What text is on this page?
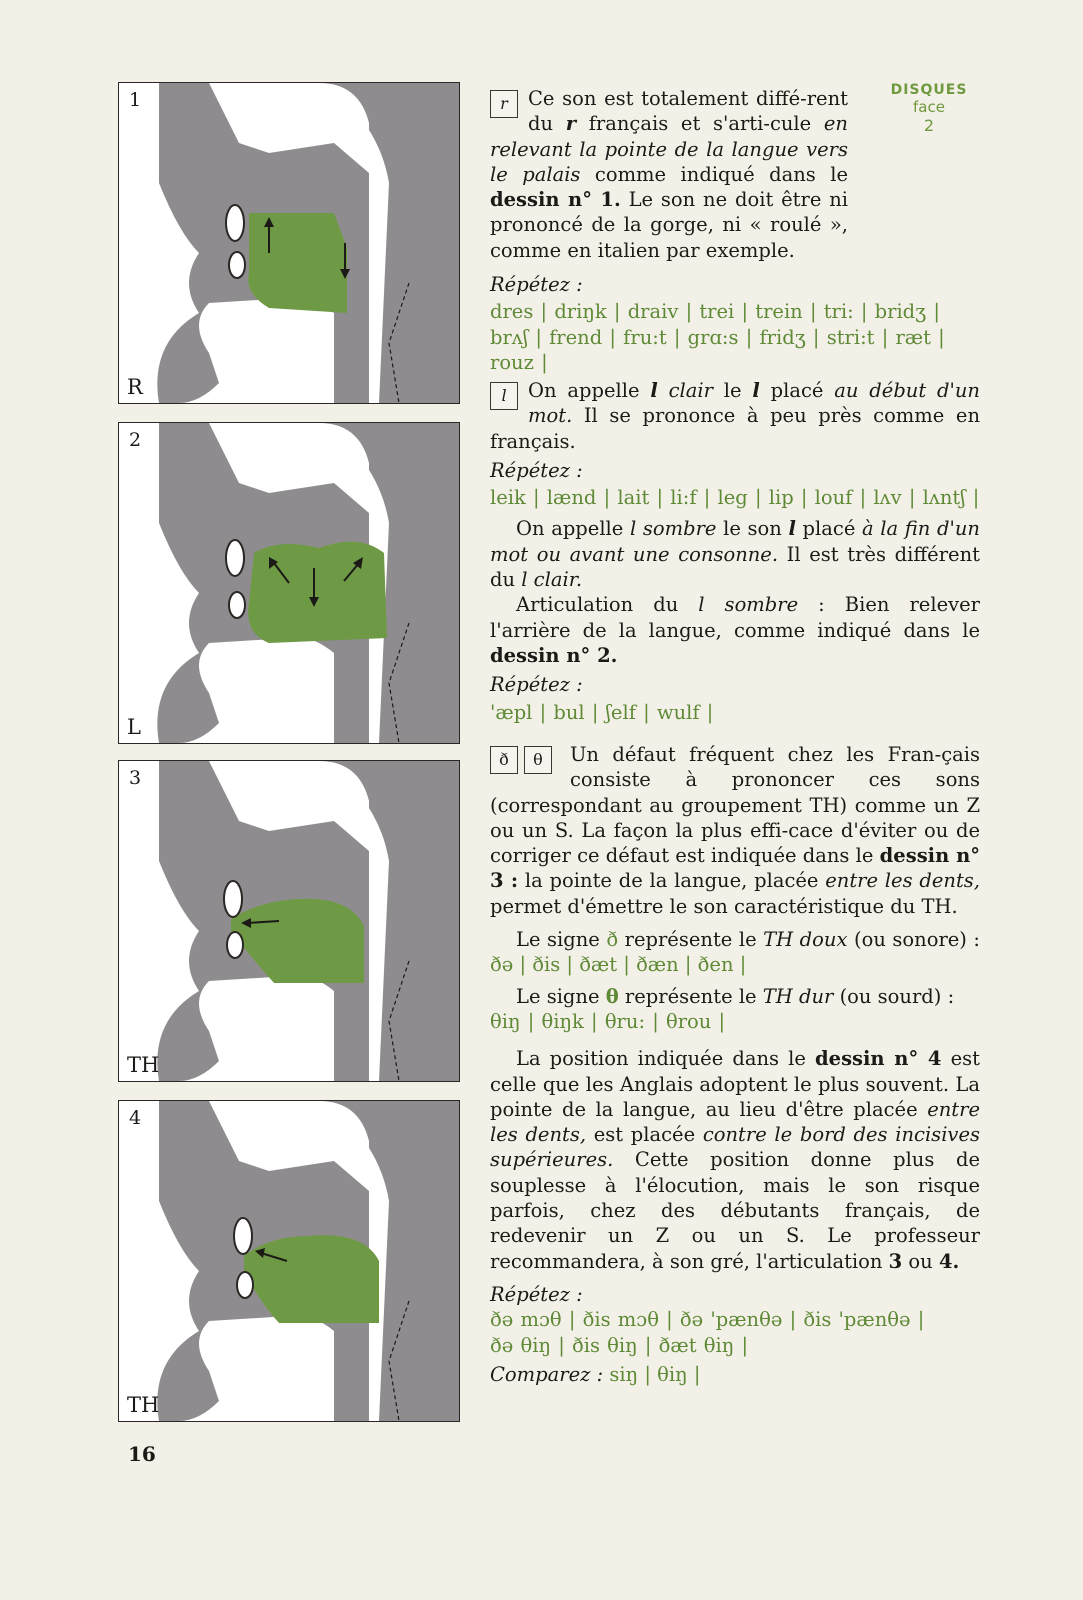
1
R
2
L
3
TH
4
TH
DISQUES
face
2

r	Ce son est totalement diffé-rent du r français et s'arti-cule en relevant la pointe de la langue vers le palais comme indiqué dans le dessin n° 1. Le son ne doit être ni prononcé de la gorge, ni « roulé », comme en italien par exemple.

Répétez :

dres | driŋk | draiv | trei | trein | tri: | bridʒ | brʌʃ | frend | fru:t | grɑ:s | fridʒ | stri:t | ræt | rouz |

l	On appelle l clair le l placé au début d'un mot. Il se prononce à peu près comme en français.

Répétez :

leik | lænd | lait | li:f | leg | lip | louf | lʌv | lʌntʃ |

On appelle l sombre le son l placé à la fin d'un mot ou avant une consonne. Il est très différent du l clair.

Articulation du l sombre : Bien relever l'arrière de la langue, comme indiqué dans le dessin n° 2.

Répétez :

'æpl | bul | ʃelf | wulf |

ð θ	Un défaut fréquent chez les Fran-çais consiste à prononcer ces sons (correspondant au groupement TH) comme un Z ou un S. La façon la plus effi-cace d'éviter ou de corriger ce défaut est indiquée dans le dessin n° 3 : la pointe de la langue, placée entre les dents, permet d'émettre le son caractéristique du TH.

Le signe ð représente le TH doux (ou sonore) : ðə | ðis | ðæt | ðæn | ðen |

Le signe θ représente le TH dur (ou sourd) :

θiŋ | θiŋk | θru: | θrou |

La position indiquée dans le dessin n° 4 est celle que les Anglais adoptent le plus souvent. La pointe de la langue, au lieu d'être placée entre les dents, est placée contre le bord des incisives supérieures. Cette position donne plus de souplesse à l'élocution, mais le son risque parfois, chez des débutants français, de redevenir un Z ou un S. Le professeur recommandera, à son gré, l'articulation 3 ou 4.

Répétez :

ðə mɔθ | ðis mɔθ | ðə 'pænθə | ðis 'pænθə |

ðə θiŋ | ðis θiŋ | ðæt θiŋ |

Comparez : siŋ | θiŋ |

16
